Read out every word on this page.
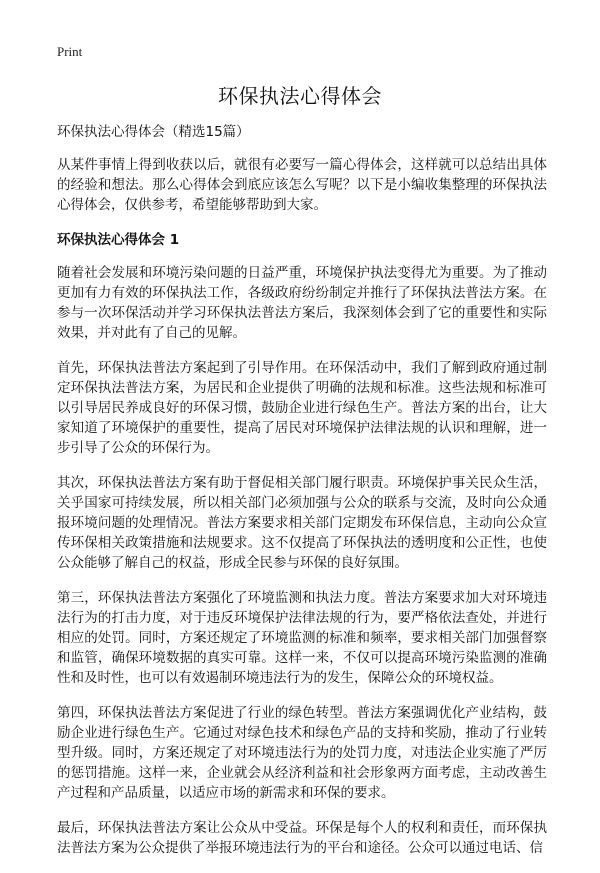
Print
环保执法心得体会

环保执法心得体会（精选15篇）

从某件事情上得到收获以后，就很有必要写一篇心得体会，这样就可以总结出具体的经验和想法。那么心得体会到底应该怎么写呢？以下是小编收集整理的环保执法心得体会，仅供参考，希望能够帮助到大家。

环保执法心得体会 1

随着社会发展和环境污染问题的日益严重，环境保护执法变得尤为重要。为了推动更加有力有效的环保执法工作，各级政府纷纷制定并推行了环保执法普法方案。在参与一次环保活动并学习环保执法普法方案后，我深刻体会到了它的重要性和实际效果，并对此有了自己的见解。

首先，环保执法普法方案起到了引导作用。在环保活动中，我们了解到政府通过制定环保执法普法方案，为居民和企业提供了明确的法规和标准。这些法规和标准可以引导居民养成良好的环保习惯，鼓励企业进行绿色生产。普法方案的出台，让大家知道了环境保护的重要性，提高了居民对环境保护法律法规的认识和理解，进一步引导了公众的环保行为。

其次，环保执法普法方案有助于督促相关部门履行职责。环境保护事关民众生活，关乎国家可持续发展，所以相关部门必须加强与公众的联系与交流，及时向公众通报环境问题的处理情况。普法方案要求相关部门定期发布环保信息，主动向公众宣传环保相关政策措施和法规要求。这不仅提高了环保执法的透明度和公正性，也使公众能够了解自己的权益，形成全民参与环保的良好氛围。

第三，环保执法普法方案强化了环境监测和执法力度。普法方案要求加大对环境违法行为的打击力度，对于违反环境保护法律法规的行为，要严格依法查处，并进行相应的处罚。同时，方案还规定了环境监测的标准和频率，要求相关部门加强督察和监管，确保环境数据的真实可靠。这样一来，不仅可以提高环境污染监测的准确性和及时性，也可以有效遏制环境违法行为的发生，保障公众的环境权益。

第四，环保执法普法方案促进了行业的绿色转型。普法方案强调优化产业结构，鼓励企业进行绿色生产。它通过对绿色技术和绿色产品的支持和奖励，推动了行业转型升级。同时，方案还规定了对环境违法行为的处罚力度，对违法企业实施了严厉的惩罚措施。这样一来，企业就会从经济利益和社会形象两方面考虑，主动改善生产过程和产品质量，以适应市场的新需求和环保的要求。

最后，环保执法普法方案让公众从中受益。环保是每个人的权利和责任，而环保执法普法方案为公众提供了举报环境违法行为的平台和途径。公众可以通过电话、信
